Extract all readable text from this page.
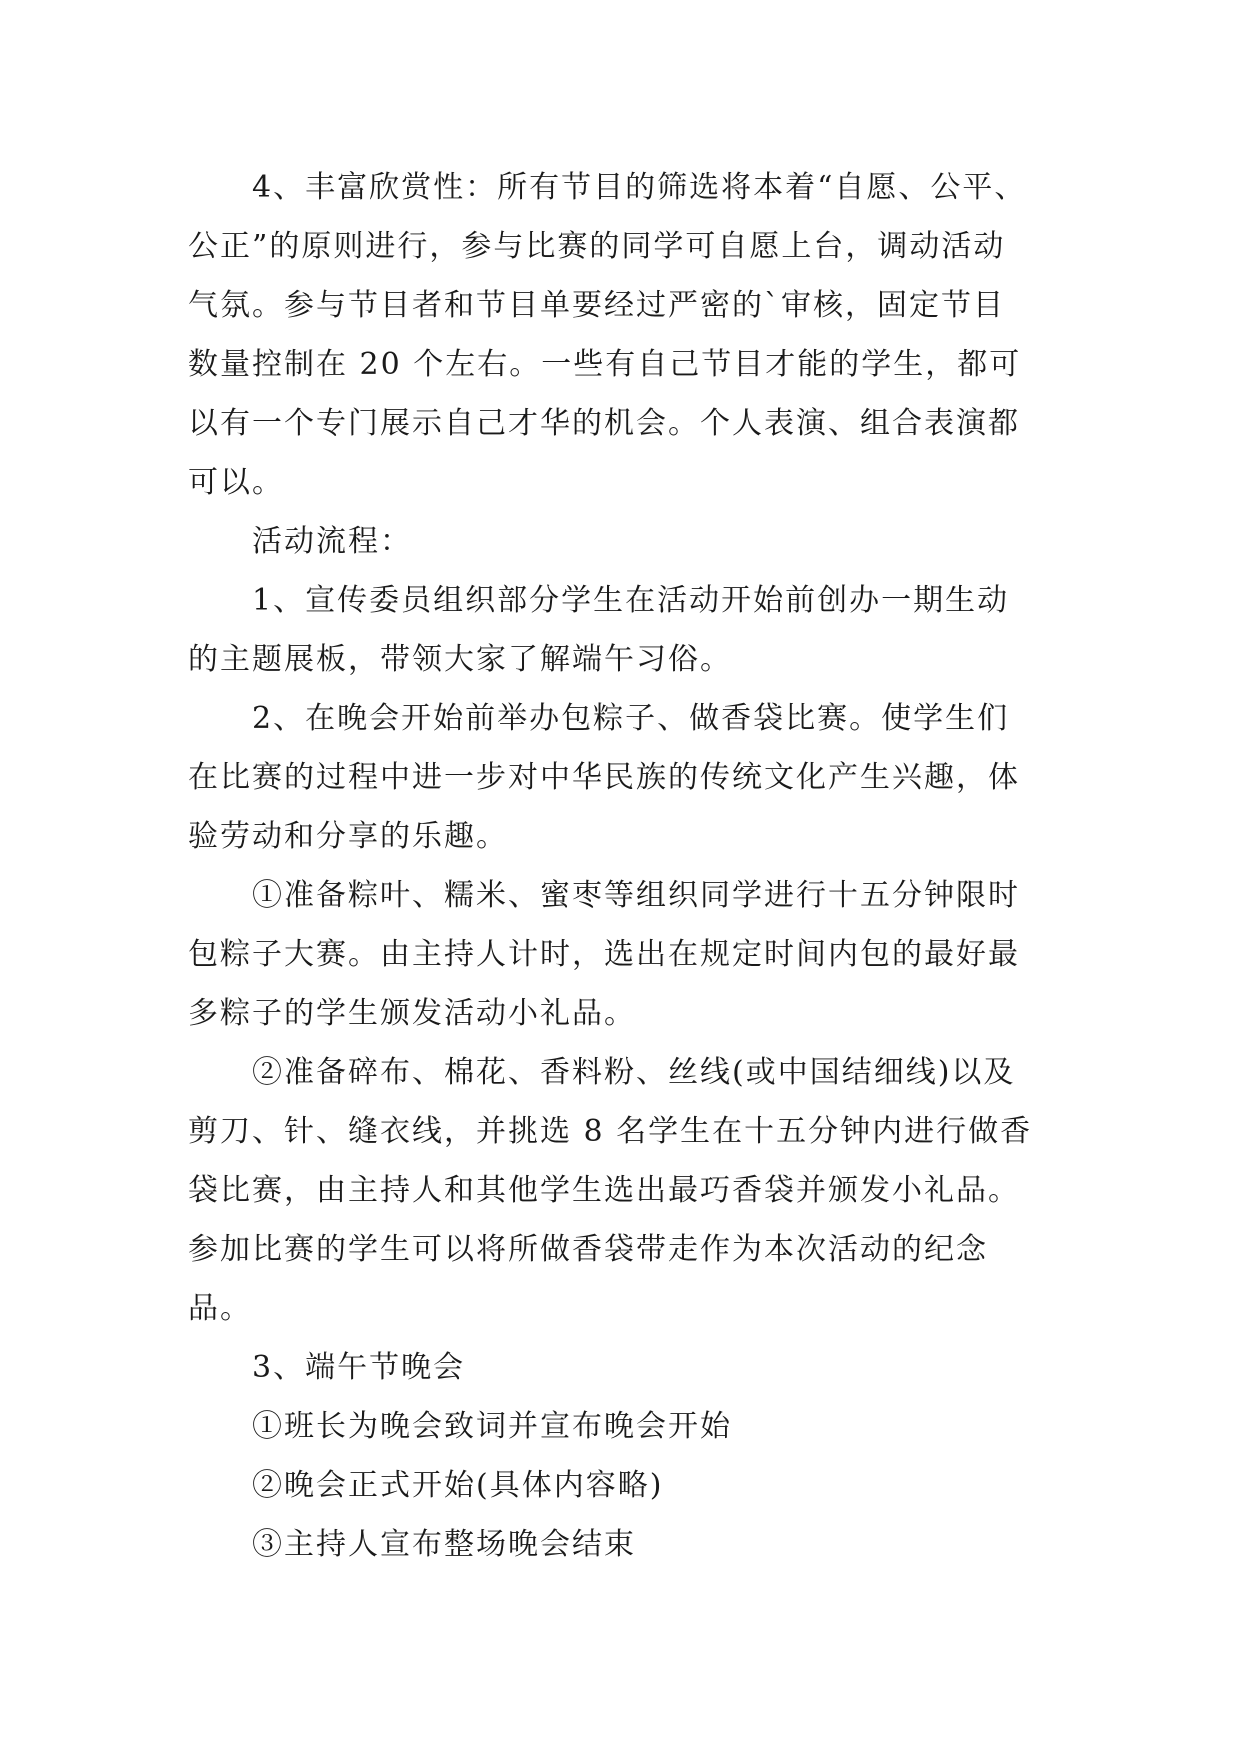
4、丰富欣赏性：所有节目的筛选将本着“自愿、公平、
公正”的原则进行，参与比赛的同学可自愿上台，调动活动
气氛。参与节目者和节目单要经过严密的`审核，固定节目
数量控制在 20 个左右。一些有自己节目才能的学生，都可
以有一个专门展示自己才华的机会。个人表演、组合表演都
可以。
活动流程：
1、宣传委员组织部分学生在活动开始前创办一期生动
的主题展板，带领大家了解端午习俗。
2、在晚会开始前举办包粽子、做香袋比赛。使学生们
在比赛的过程中进一步对中华民族的传统文化产生兴趣，体
验劳动和分享的乐趣。
①准备粽叶、糯米、蜜枣等组织同学进行十五分钟限时
包粽子大赛。由主持人计时，选出在规定时间内包的最好最
多粽子的学生颁发活动小礼品。
②准备碎布、棉花、香料粉、丝线(或中国结细线)以及
剪刀、针、缝衣线，并挑选 8 名学生在十五分钟内进行做香
袋比赛，由主持人和其他学生选出最巧香袋并颁发小礼品。
参加比赛的学生可以将所做香袋带走作为本次活动的纪念
品。
3、端午节晚会
①班长为晚会致词并宣布晚会开始
②晚会正式开始(具体内容略)
③主持人宣布整场晚会结束
